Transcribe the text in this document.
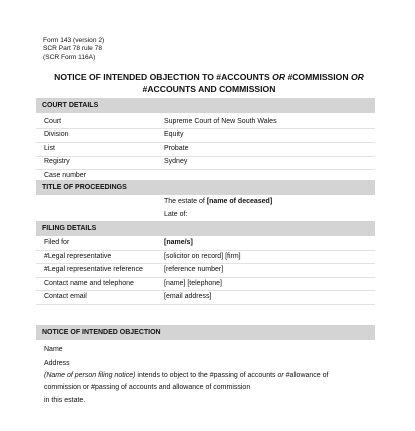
Form 143 (version 2)
SCR Part 78 rule 78
(SCR Form 116A)
NOTICE OF INTENDED OBJECTION TO #ACCOUNTS OR #COMMISSION OR
#ACCOUNTS AND COMMISSION
COURT DETAILS
Court	Supreme Court of New South Wales
Division	Equity
List	Probate
Registry	Sydney
Case number
TITLE OF PROCEEDINGS
The estate of [name of deceased]
Late of:
FILING DETAILS
Filed for	[name/s]
#Legal representative	[solicitor on record] [firm]
#Legal representative reference	[reference number]
Contact name and telephone	[name] [telephone]
Contact email	[email address]
NOTICE OF INTENDED OBJECTION
Name
Address
(Name of person filing notice) intends to object to the #passing of accounts or #allowance of
commission or #passing of accounts and allowance of commission
in this estate.
